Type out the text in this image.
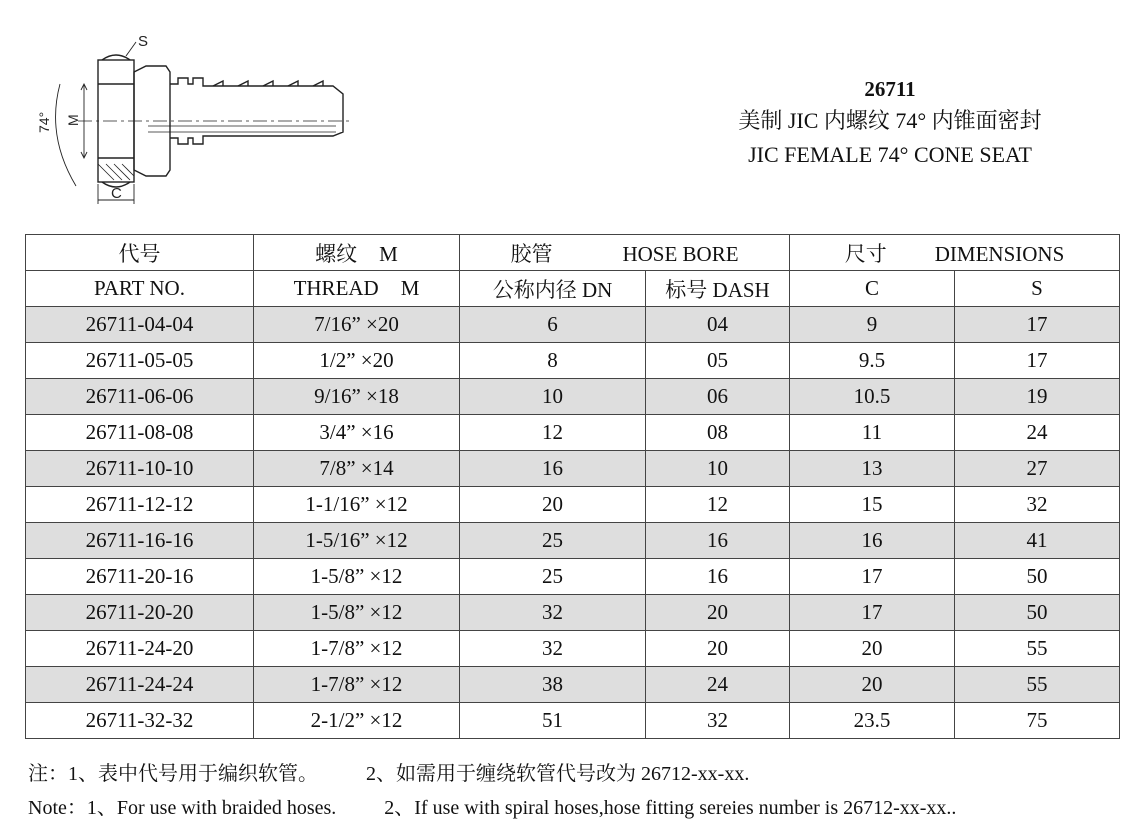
S
M
C
74°
26711
美制 JIC 内螺纹 74° 内锥面密封
JIC FEMALE 74° CONE SEAT
代号	螺纹 M	胶管 HOSE BORE		尺寸 DIMENSIONS	
PART NO.	THREAD M	公称内径 DN	标号 DASH	C	S
26711-04-04	7/16” ×20	6	04	9	17
26711-05-05	1/2” ×20	8	05	9.5	17
26711-06-06	9/16” ×18	10	06	10.5	19
26711-08-08	3/4” ×16	12	08	11	24
26711-10-10	7/8” ×14	16	10	13	27
26711-12-12	1-1/16” ×12	20	12	15	32
26711-16-16	1-5/16” ×12	25	16	16	41
26711-20-16	1-5/8” ×12	25	16	17	50
26711-20-20	1-5/8” ×12	32	20	17	50
26711-24-20	1-7/8” ×12	32	20	20	55
26711-24-24	1-7/8” ×12	38	24	20	55
26711-32-32	2-1/2” ×12	51	32	23.5	75
注：1、表中代号用于编织软管。 2、如需用于缠绕软管代号改为 26712-xx-xx.
Note：1、For use with braided hoses. 2、If use with spiral hoses,hose fitting sereies number is 26712-xx-xx..
